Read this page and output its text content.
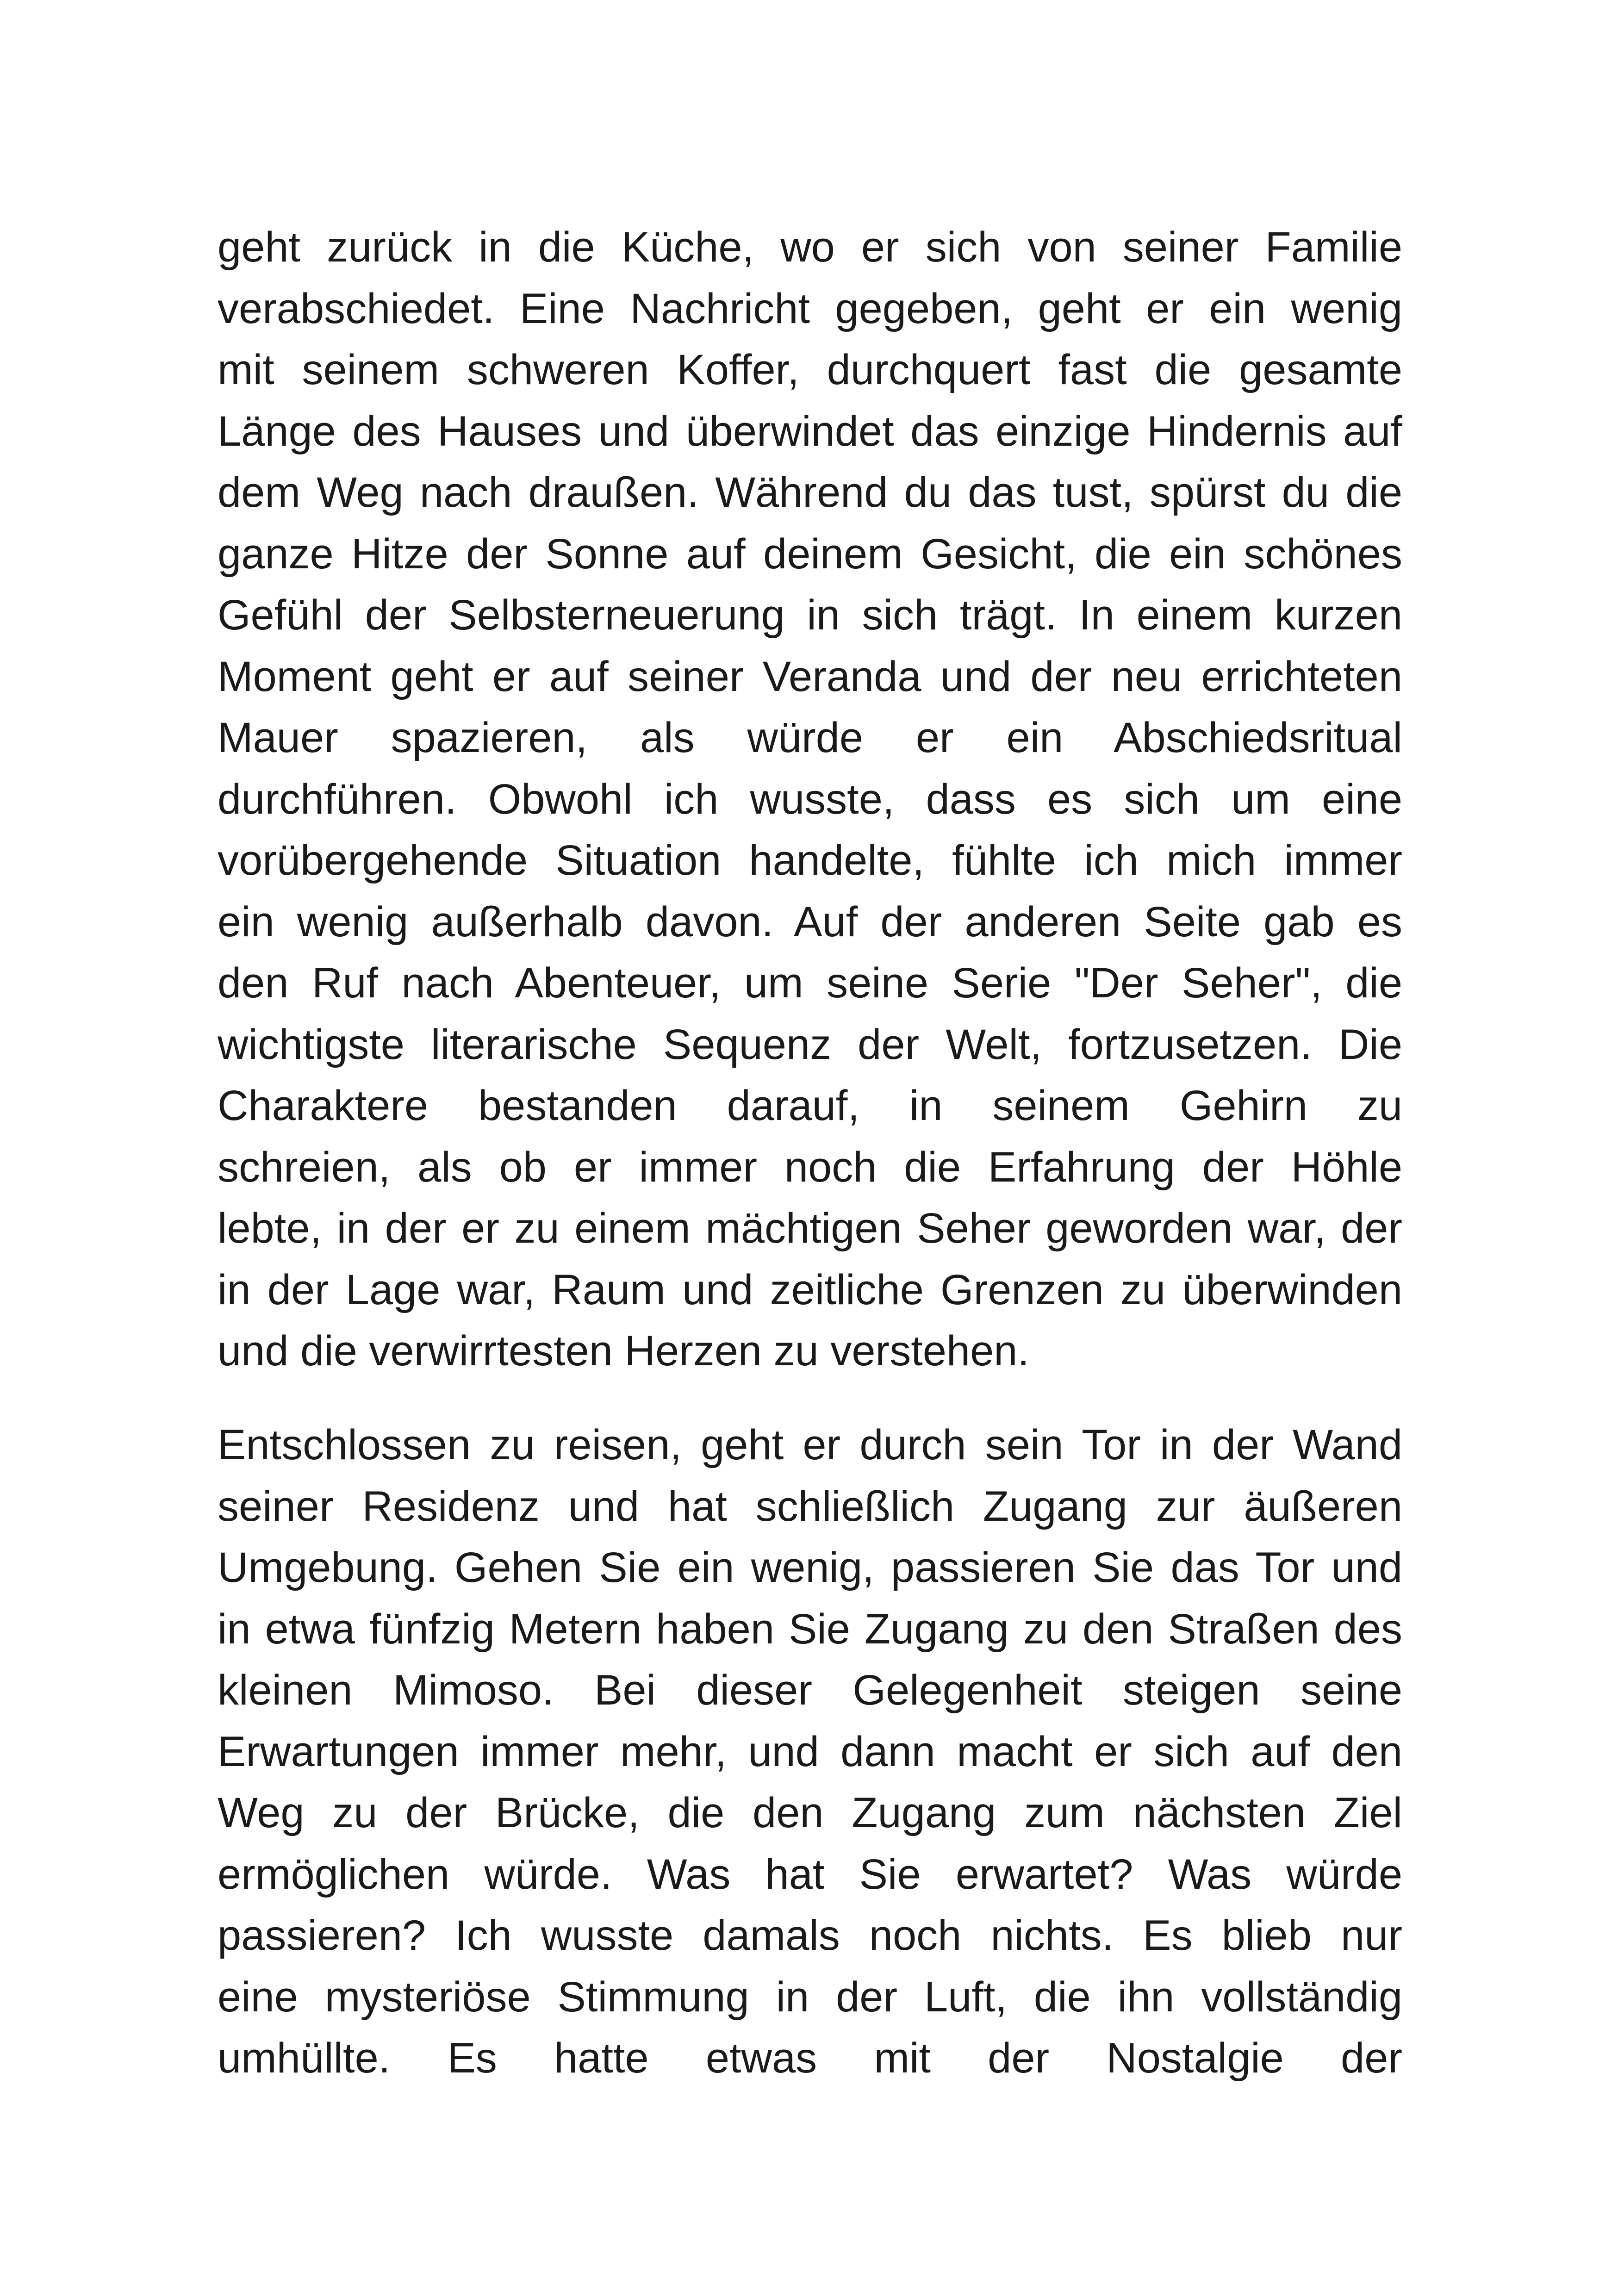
geht zurück in die Küche, wo er sich von seiner Familie
verabschiedet. Eine Nachricht gegeben, geht er ein wenig
mit seinem schweren Koffer, durchquert fast die gesamte
Länge des Hauses und überwindet das einzige Hindernis auf
dem Weg nach draußen. Während du das tust, spürst du die
ganze Hitze der Sonne auf deinem Gesicht, die ein schönes
Gefühl der Selbsterneuerung in sich trägt. In einem kurzen
Moment geht er auf seiner Veranda und der neu errichteten
Mauer spazieren, als würde er ein Abschiedsritual
durchführen. Obwohl ich wusste, dass es sich um eine
vorübergehende Situation handelte, fühlte ich mich immer
ein wenig außerhalb davon. Auf der anderen Seite gab es
den Ruf nach Abenteuer, um seine Serie "Der Seher", die
wichtigste literarische Sequenz der Welt, fortzusetzen. Die
Charaktere bestanden darauf, in seinem Gehirn zu
schreien, als ob er immer noch die Erfahrung der Höhle
lebte, in der er zu einem mächtigen Seher geworden war, der
in der Lage war, Raum und zeitliche Grenzen zu überwinden
und die verwirrtesten Herzen zu verstehen.
Entschlossen zu reisen, geht er durch sein Tor in der Wand
seiner Residenz und hat schließlich Zugang zur äußeren
Umgebung. Gehen Sie ein wenig, passieren Sie das Tor und
in etwa fünfzig Metern haben Sie Zugang zu den Straßen des
kleinen Mimoso. Bei dieser Gelegenheit steigen seine
Erwartungen immer mehr, und dann macht er sich auf den
Weg zu der Brücke, die den Zugang zum nächsten Ziel
ermöglichen würde. Was hat Sie erwartet? Was würde
passieren? Ich wusste damals noch nichts. Es blieb nur
eine mysteriöse Stimmung in der Luft, die ihn vollständig
umhüllte. Es hatte etwas mit der Nostalgie der
